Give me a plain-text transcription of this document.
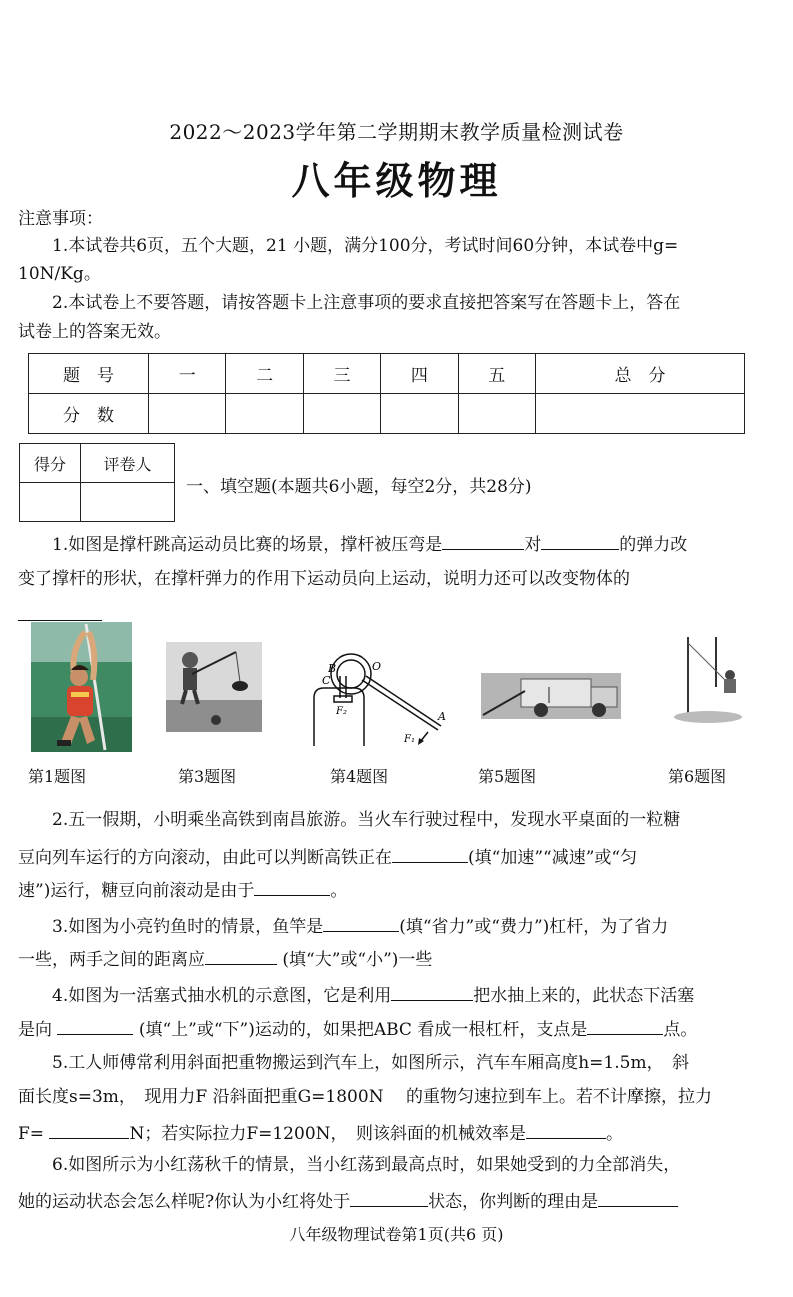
2022～2023学年第二学期期末教学质量检测试卷
八年级物理
注意事项：
1.本试卷共6页，五个大题，21 小题，满分100分，考试时间60分钟，本试卷中g=
10N/Kg。
2.本试卷上不要答题，请按答题卡上注意事项的要求直接把答案写在答题卡上，答在
试卷上的答案无效。
题　号	一	二	三	四	五	总　分
分　数						
得分	评卷人

一、填空题(本题共6小题，每空2分，共28分)
1.如图是撑杆跳高运动员比赛的场景，撑杆被压弯是	对	的弹力改
变了撑杆的形状，在撑杆弹力的作用下运动员向上运动，说明力还可以改变物体的
B
C
O
A
F₂
F₁
第1题图	第3题图	第4题图	第5题图	第6题图
2.五一假期，小明乘坐高铁到南昌旅游。当火车行驶过程中，发现水平桌面的一粒糖
豆向列车运行的方向滚动，由此可以判断高铁正在	(填“加速”“减速”或“匀
速”)运行，糖豆向前滚动是由于	。
3.如图为小亮钓鱼时的情景，鱼竿是	(填“省力”或“费力”)杠杆，为了省力
一些，两手之间的距离应	(填“大”或“小”)一些
4.如图为一活塞式抽水机的示意图，它是利用	把水抽上来的，此状态下活塞
是向	(填“上”或“下”)运动的，如果把ABC 看成一根杠杆，支点是	点。
5.工人师傅常利用斜面把重物搬运到汽车上，如图所示，汽车车厢高度h=1.5m，　斜
面长度s=3m，　现用力F 沿斜面把重G=1800N　 的重物匀速拉到车上。若不计摩擦，拉力
F=	N；若实际拉力F=1200N，　则该斜面的机械效率是	。
6.如图所示为小红荡秋千的情景，当小红荡到最高点时，如果她受到的力全部消失，
她的运动状态会怎么样呢?你认为小红将处于	状态，你判断的理由是
八年级物理试卷第1页(共6 页)
